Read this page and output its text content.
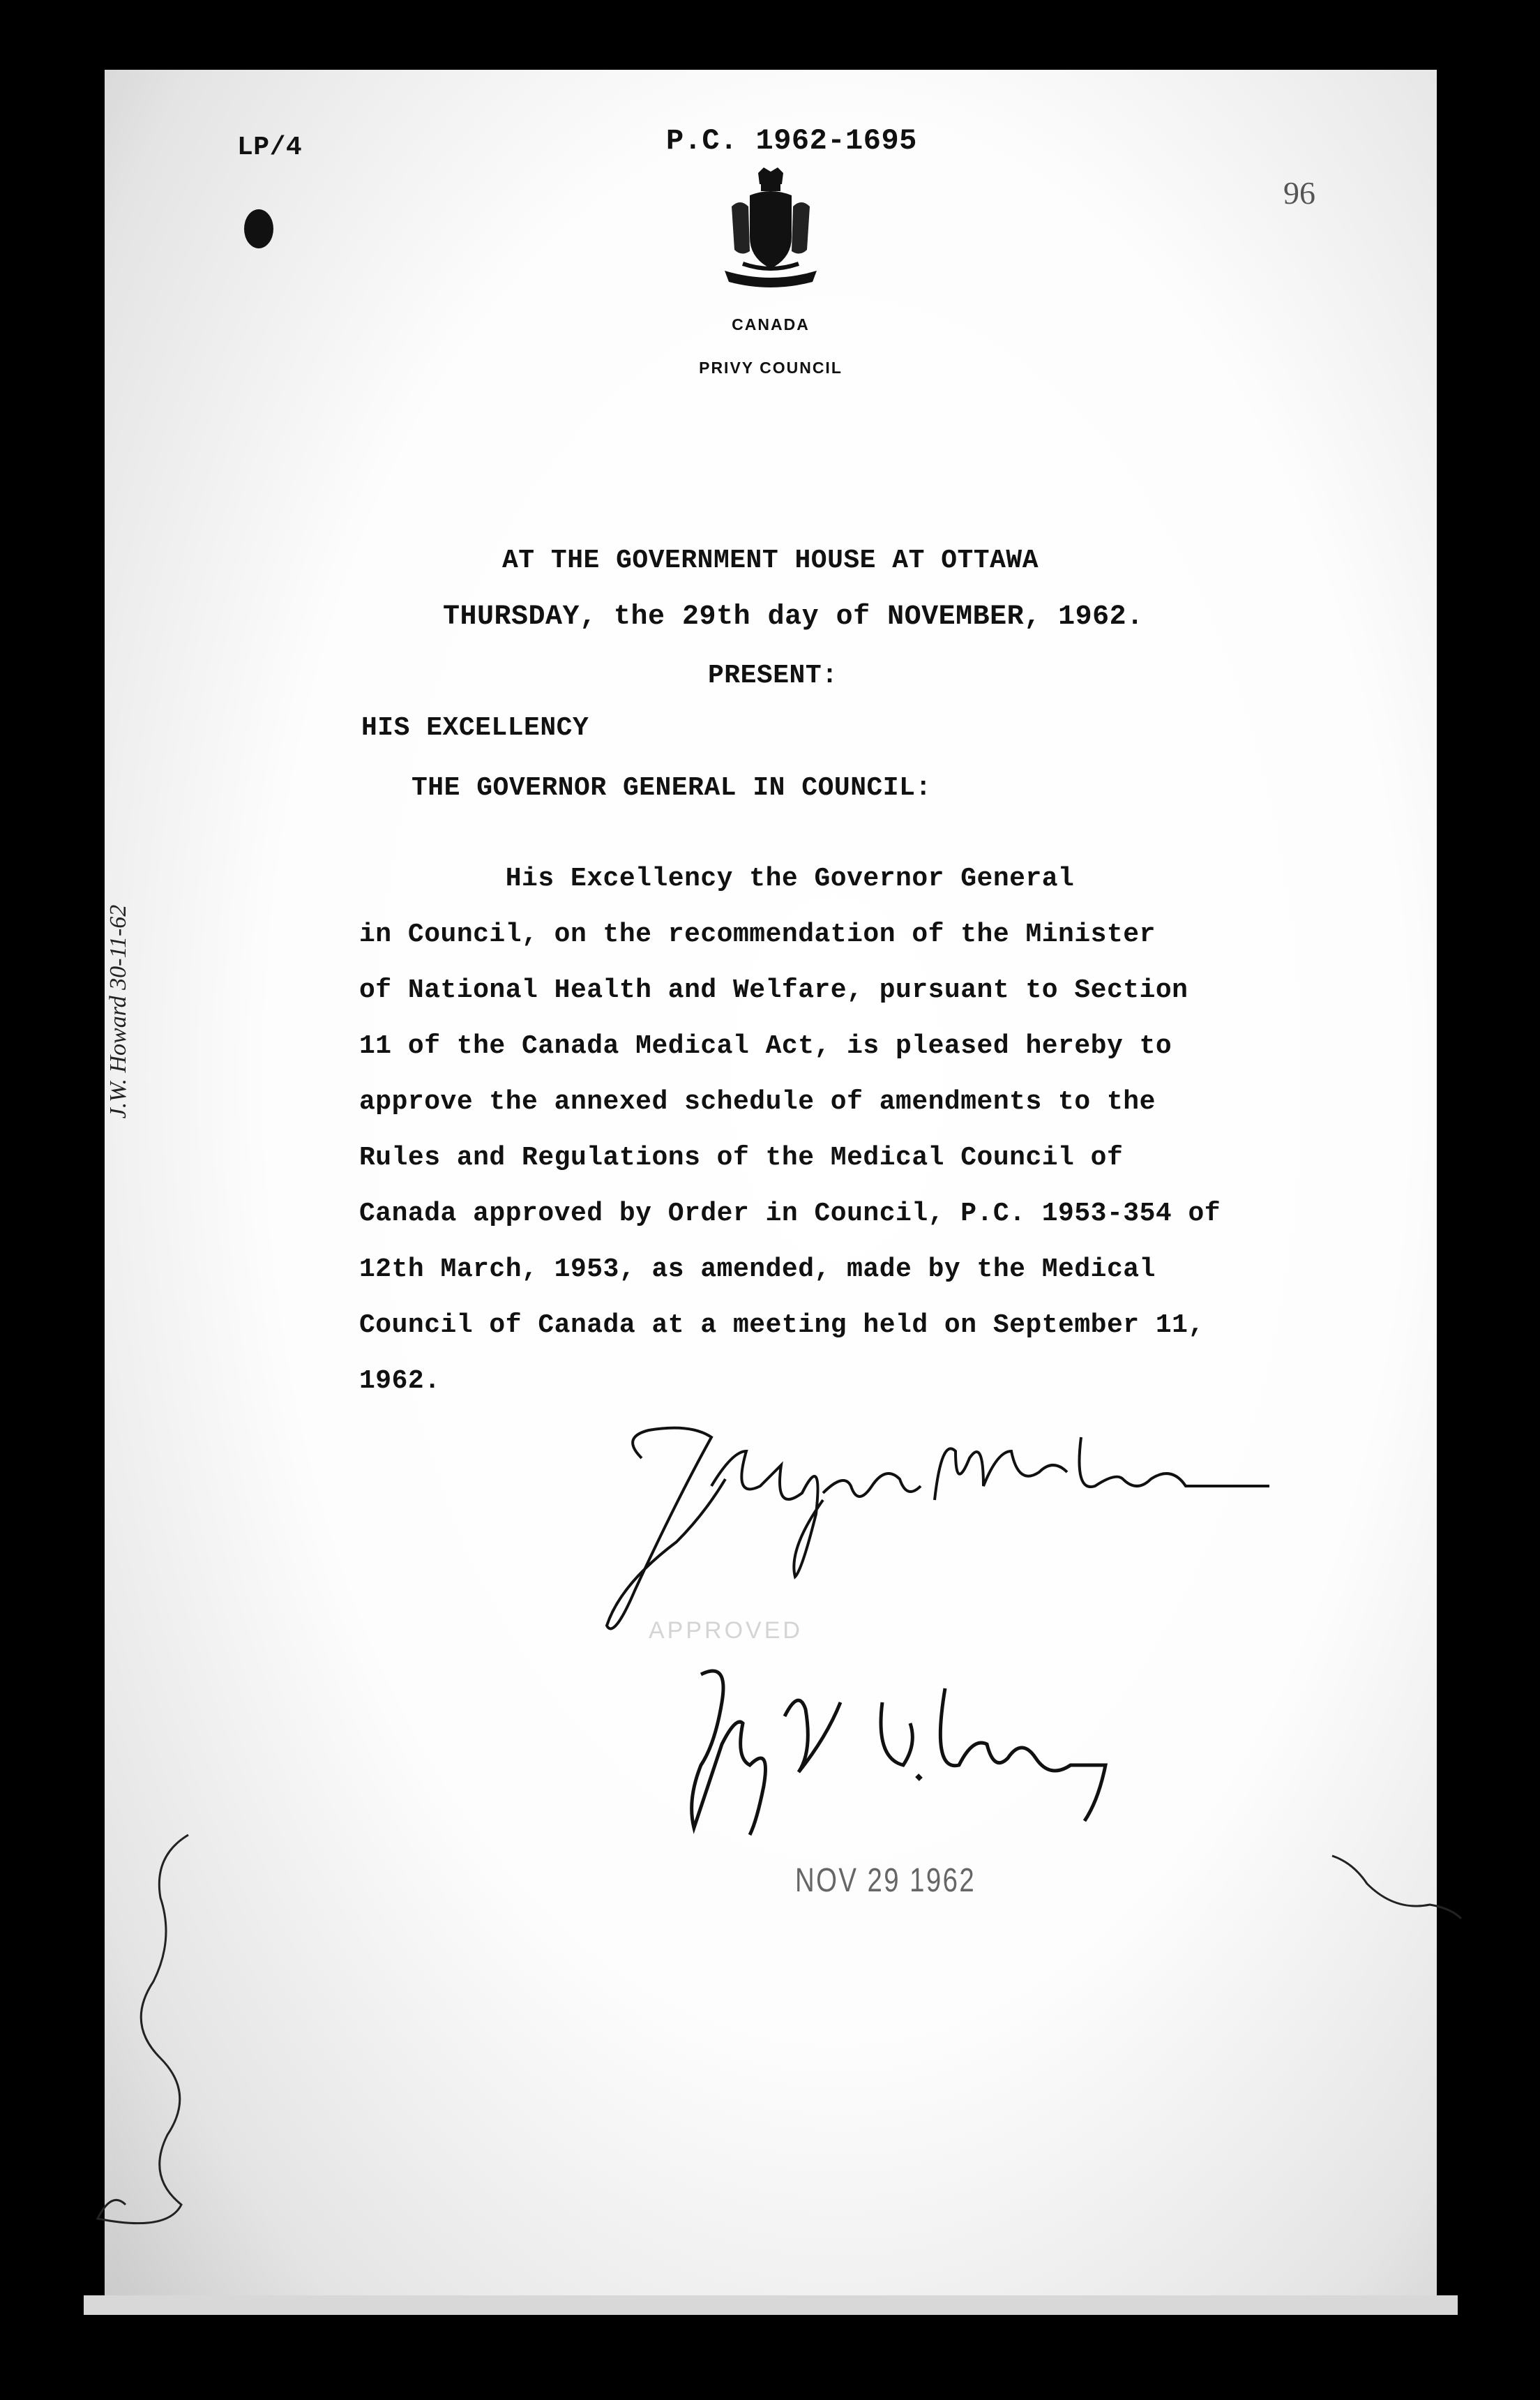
LP/4	P.C. 1962-1695

96

CANADA

PRIVY COUNCIL

AT THE GOVERNMENT HOUSE AT OTTAWA

THURSDAY, the 29th day of NOVEMBER, 1962.

PRESENT:

HIS EXCELLENCY

THE GOVERNOR GENERAL IN COUNCIL:

His Excellency the Governor General
in Council, on the recommendation of the Minister
of National Health and Welfare, pursuant to Section
11 of the Canada Medical Act, is pleased hereby to
approve the annexed schedule of amendments to the
Rules and Regulations of the Medical Council of
Canada approved by Order in Council, P.C. 1953-354 of
12th March, 1953, as amended, made by the Medical
Council of Canada at a meeting held on September 11,
1962.

APPROVED

NOV 29 1962

J.W. Howard 30-11-62
